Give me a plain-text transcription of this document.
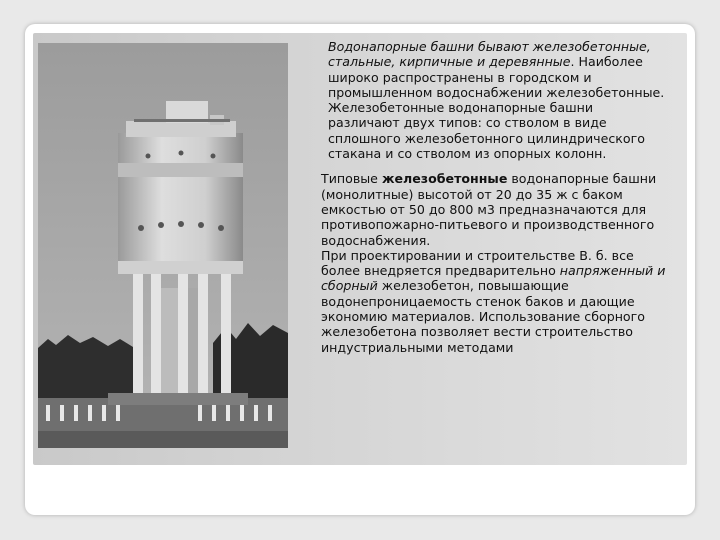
Водонапорные башни бывают железобетонные, стальные, кирпичные и деревянные. Наиболее широко распространены в городском и промышленном водоснабжении железобетонные. Железобетонные водонапорные башни различают двух типов: со стволом в виде сплошного железобетонного цилиндрического стакана и со стволом из опорных колонн.

Типовые железобетонные водонапорные башни (монолитные) высотой от 20 до 35 ж с баком емкостью от 50 до 800 м3 предназначаются для противопожарно-питьевого и производственного водоснабжения.

При проектировании и строительстве В. б. все более внедряется предварительно напряженный и сборный железобетон, повышающие водонепроницаемость стенок баков и дающие экономию материалов. Использование сборного железобетона позволяет вести строительство индустриальными методами
